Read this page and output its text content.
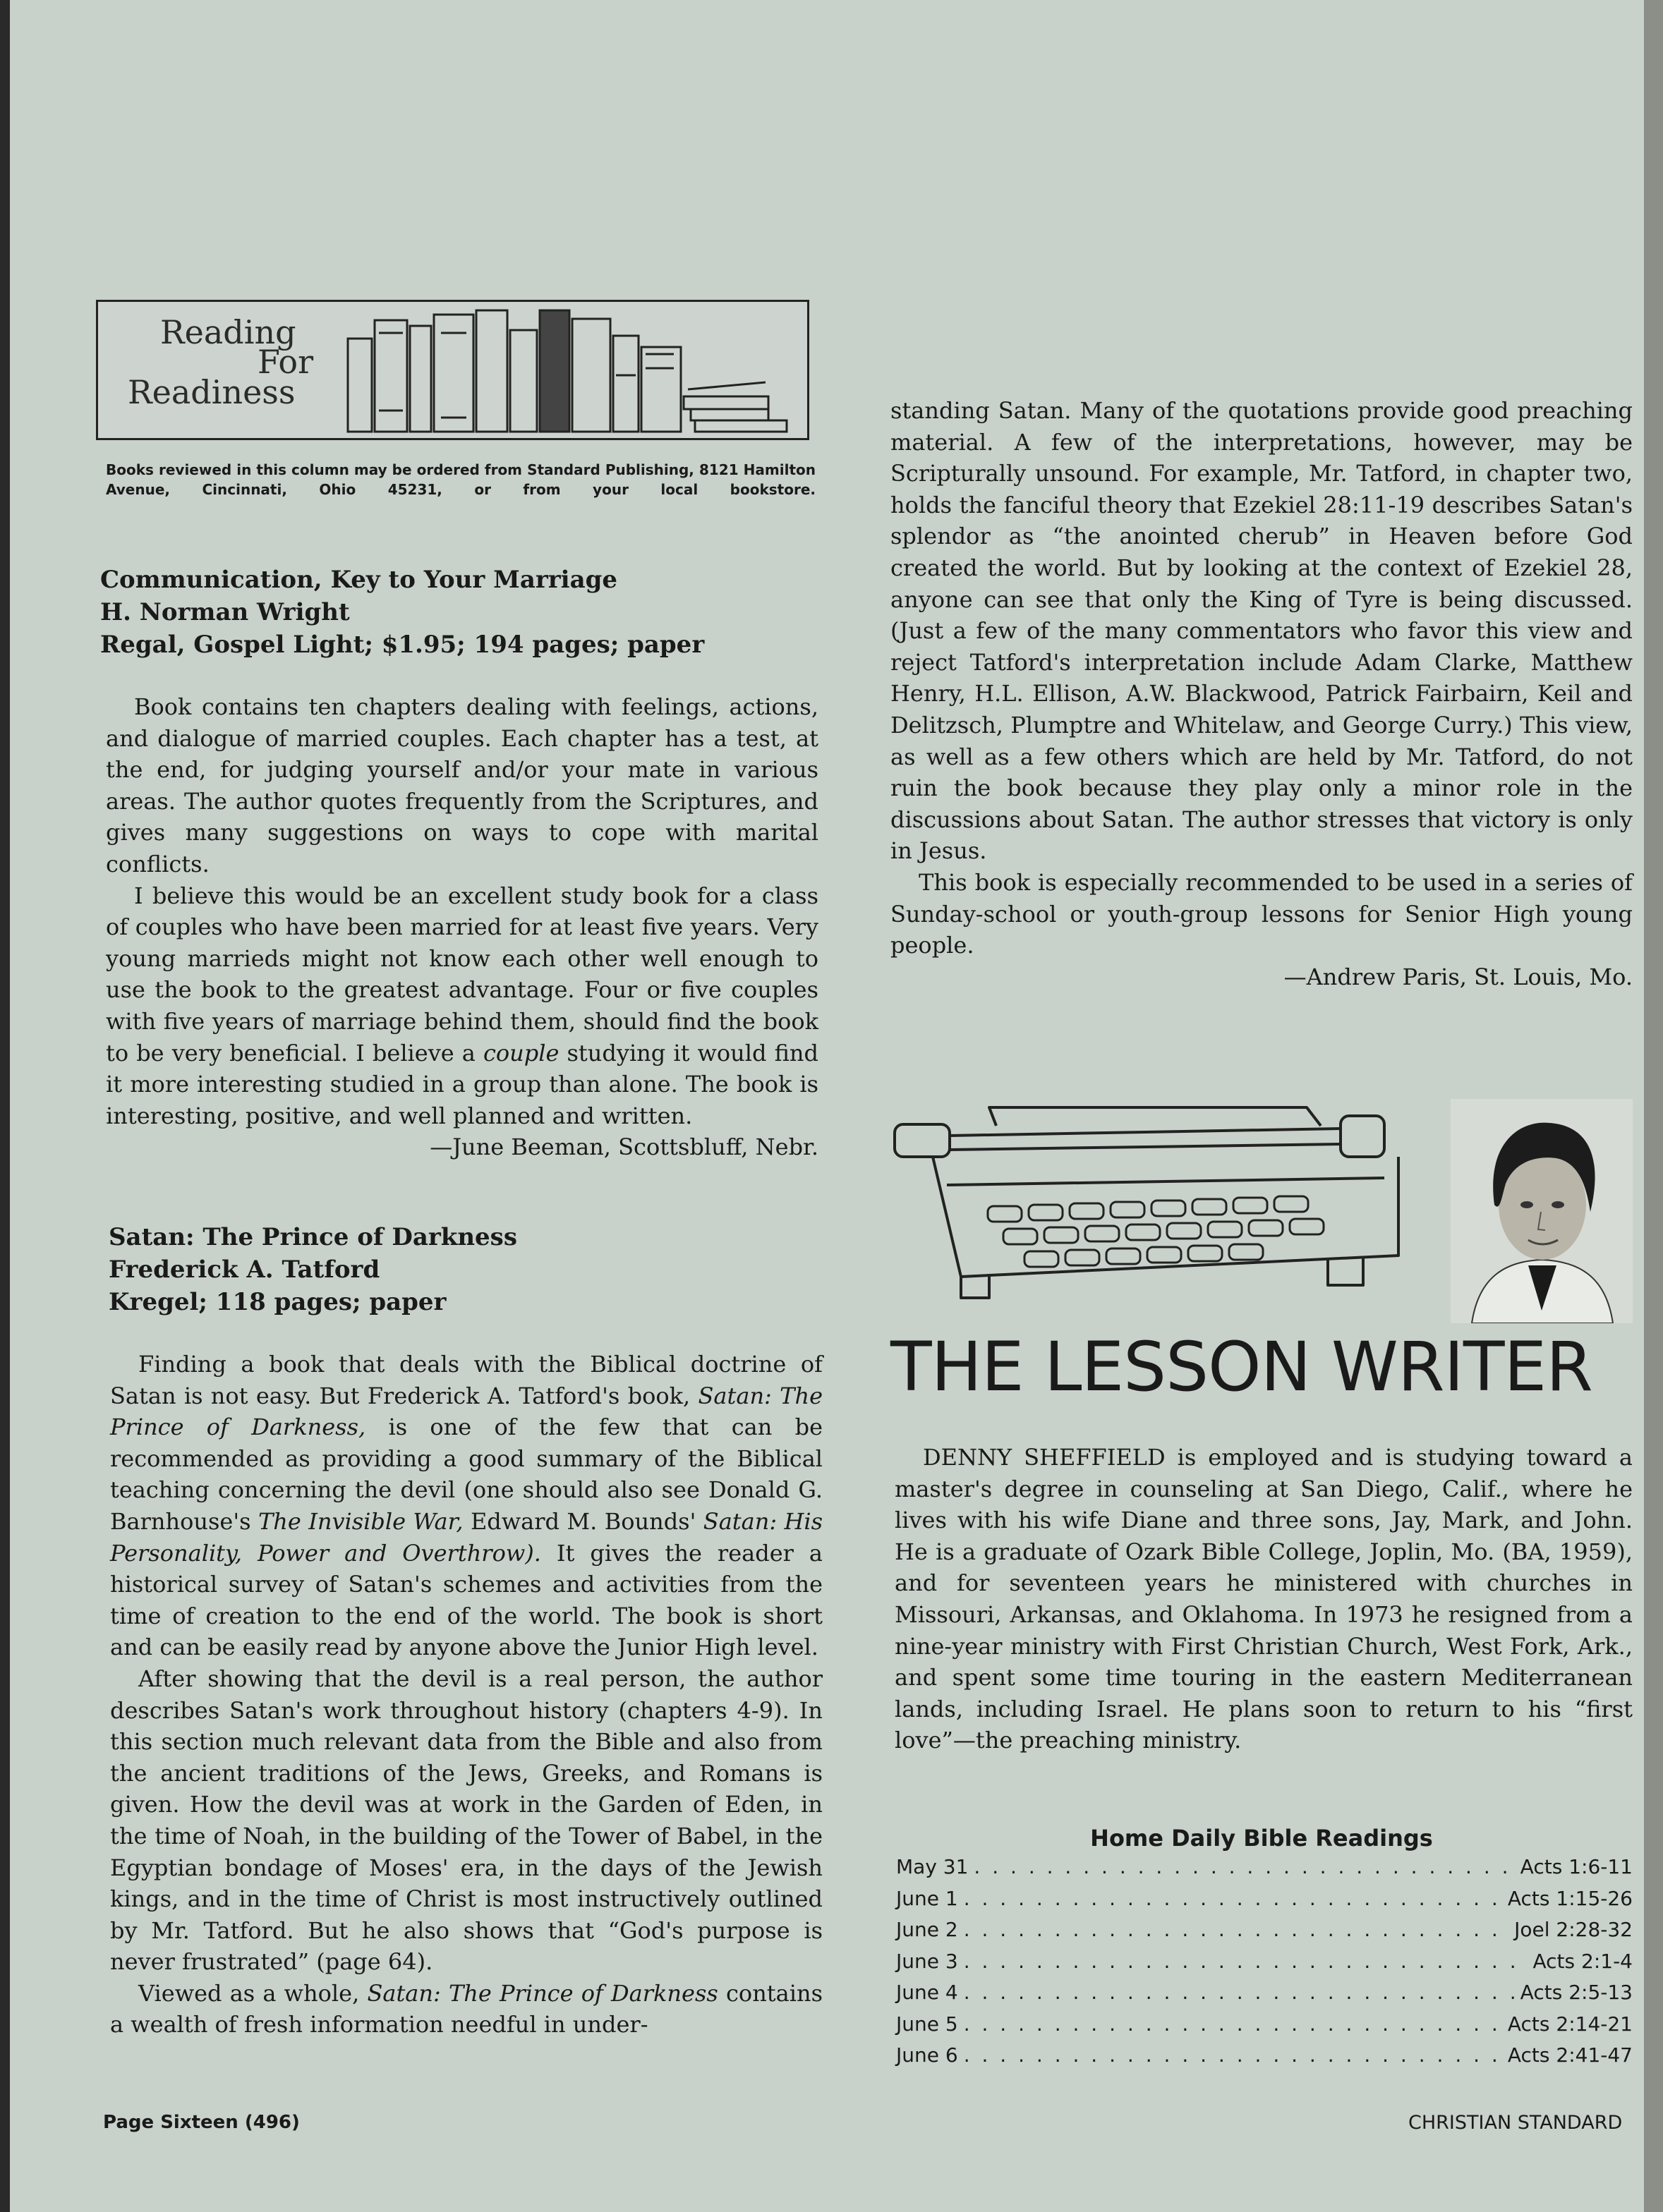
Reading
For
Readiness
Books reviewed in this column may be ordered from Standard Publishing, 8121 Hamilton Avenue, Cincinnati, Ohio 45231, or from your local bookstore.
Communication, Key to Your Marriage
H. Norman Wright
Regal, Gospel Light; $1.95; 194 pages; paper

Book contains ten chapters dealing with feelings, actions, and dialogue of married couples. Each chapter has a test, at the end, for judging yourself and/or your mate in various areas. The author quotes frequently from the Scriptures, and gives many suggestions on ways to cope with marital conflicts.

I believe this would be an excellent study book for a class of couples who have been married for at least five years. Very young marrieds might not know each other well enough to use the book to the greatest advantage. Four or five couples with five years of marriage behind them, should find the book to be very beneficial. I believe a couple studying it would find it more interesting studied in a group than alone. The book is interesting, positive, and well planned and written.

—June Beeman, Scottsbluff, Nebr.

Satan: The Prince of Darkness
Frederick A. Tatford
Kregel; 118 pages; paper

Finding a book that deals with the Biblical doctrine of Satan is not easy. But Frederick A. Tatford's book, Satan: The Prince of Darkness, is one of the few that can be recommended as providing a good summary of the Biblical teaching concerning the devil (one should also see Donald G. Barnhouse's The Invisible War, Edward M. Bounds' Satan: His Personality, Power and Overthrow). It gives the reader a historical survey of Satan's schemes and activities from the time of creation to the end of the world. The book is short and can be easily read by anyone above the Junior High level.

After showing that the devil is a real person, the author describes Satan's work throughout history (chapters 4-9). In this section much relevant data from the Bible and also from the ancient traditions of the Jews, Greeks, and Romans is given. How the devil was at work in the Garden of Eden, in the time of Noah, in the building of the Tower of Babel, in the Egyptian bondage of Moses' era, in the days of the Jewish kings, and in the time of Christ is most instructively outlined by Mr. Tatford. But he also shows that “God's purpose is never frustrated” (page 64).

Viewed as a whole, Satan: The Prince of Darkness contains a wealth of fresh information needful in under-

standing Satan. Many of the quotations provide good preaching material. A few of the interpretations, however, may be Scripturally unsound. For example, Mr. Tatford, in chapter two, holds the fanciful theory that Ezekiel 28:11-19 describes Satan's splendor as “the anointed cherub” in Heaven before God created the world. But by looking at the context of Ezekiel 28, anyone can see that only the King of Tyre is being discussed. (Just a few of the many commentators who favor this view and reject Tatford's interpretation include Adam Clarke, Matthew Henry, H.L. Ellison, A.W. Blackwood, Patrick Fairbairn, Keil and Delitzsch, Plumptre and Whitelaw, and George Curry.) This view, as well as a few others which are held by Mr. Tatford, do not ruin the book because they play only a minor role in the discussions about Satan. The author stresses that victory is only in Jesus.

This book is especially recommended to be used in a series of Sunday-school or youth-group lessons for Senior High young people.

—Andrew Paris, St. Louis, Mo.

THE LESSON WRITER

DENNY SHEFFIELD is employed and is studying toward a master's degree in counseling at San Diego, Calif., where he lives with his wife Diane and three sons, Jay, Mark, and John. He is a graduate of Ozark Bible College, Joplin, Mo. (BA, 1959), and for seventeen years he ministered with churches in Missouri, Arkansas, and Oklahoma. In 1973 he resigned from a nine-year ministry with First Christian Church, West Fork, Ark., and spent some time touring in the eastern Mediterranean lands, including Israel. He plans soon to return to his “first love”—the preaching ministry.

Home Daily Bible Readings
May 31 . . .	Acts 1:6-11
June 1 . . .	Acts 1:15-26
June 2 . . .	Joel 2:28-32
June 3 . . .	Acts 2:1-4
June 4 . . .	Acts 2:5-13
June 5 . . .	Acts 2:14-21
June 6 . . .	Acts 2:41-47
Page Sixteen (496)	CHRISTIAN STANDARD
